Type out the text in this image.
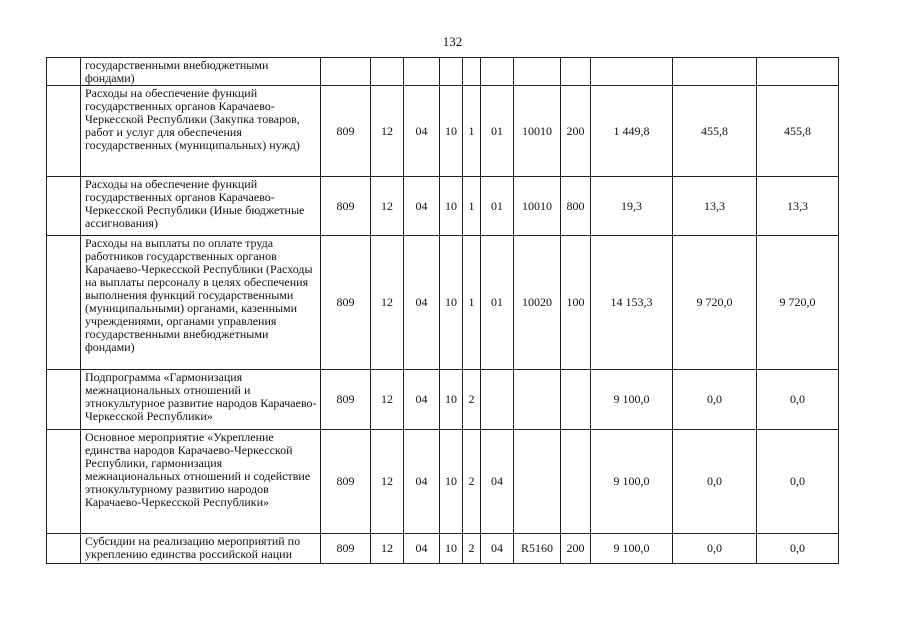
132
	государственными внебюджетными фондами)											
	Расходы на обеспечение функций государственных органов Карачаево-Черкесской Республики (Закупка товаров, работ и услуг для обеспечения государственных (муниципальных) нужд)	809	12	04	10	1	01	10010	200	1 449,8	455,8	455,8
	Расходы на обеспечение функций государственных органов Карачаево-Черкесской Республики (Иные бюджетные ассигнования)	809	12	04	10	1	01	10010	800	19,3	13,3	13,3
	Расходы на выплаты по оплате труда работников государственных органов Карачаево-Черкесской Республики (Расходы на выплаты персоналу в целях обеспечения выполнения функций государственными (муниципальными) органами, казенными учреждениями, органами управления государственными внебюджетными фондами)	809	12	04	10	1	01	10020	100	14 153,3	9 720,0	9 720,0
	Подпрограмма «Гармонизация межнациональных отношений и этнокультурное развитие народов Карачаево-Черкесской Республики»	809	12	04	10	2				9 100,0	0,0	0,0
	Основное мероприятие «Укрепление единства народов Карачаево-Черкесской Республики, гармонизация межнациональных отношений и содействие этнокультурному развитию народов Карачаево-Черкесской Республики»	809	12	04	10	2	04			9 100,0	0,0	0,0
	Субсидии на реализацию мероприятий по укреплению единства российской нации	809	12	04	10	2	04	R5160	200	9 100,0	0,0	0,0
